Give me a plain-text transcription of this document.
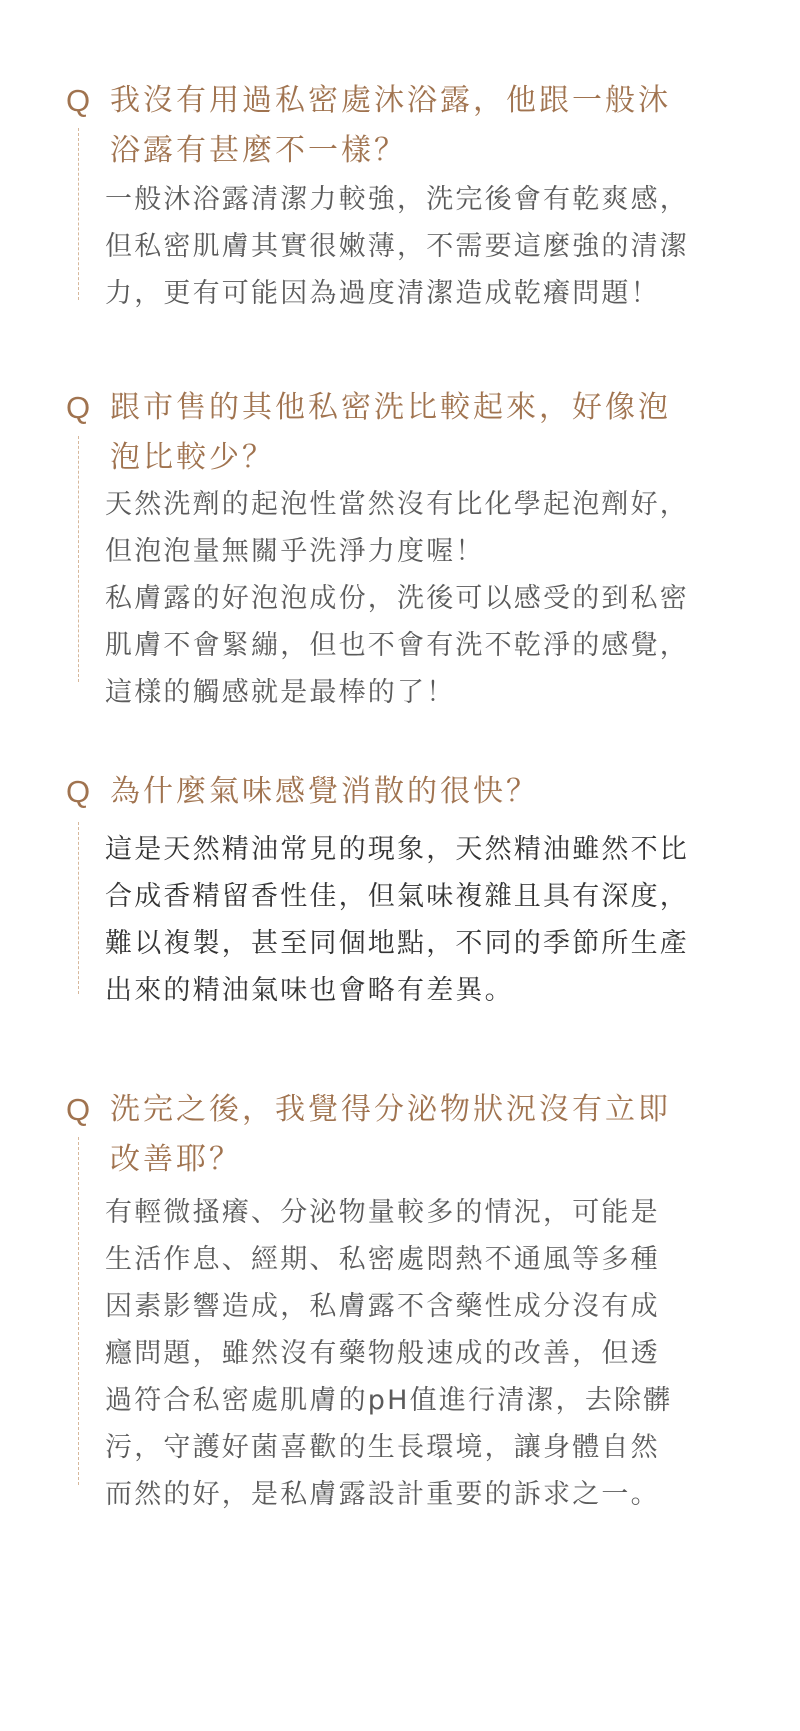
Q 我沒有用過私密處沐浴露，他跟一般沐
浴露有甚麼不一樣？
一般沐浴露清潔力較強，洗完後會有乾爽感，
但私密肌膚其實很嫩薄，不需要這麼強的清潔
力，更有可能因為過度清潔造成乾癢問題！
Q 跟市售的其他私密洗比較起來，好像泡
泡比較少？
天然洗劑的起泡性當然沒有比化學起泡劑好，
但泡泡量無關乎洗淨力度喔！
私膚露的好泡泡成份，洗後可以感受的到私密
肌膚不會緊繃，但也不會有洗不乾淨的感覺，
這樣的觸感就是最棒的了！
Q 為什麼氣味感覺消散的很快？
這是天然精油常見的現象，天然精油雖然不比
合成香精留香性佳，但氣味複雜且具有深度，
難以複製，甚至同個地點，不同的季節所生產
出來的精油氣味也會略有差異。
Q 洗完之後，我覺得分泌物狀況沒有立即
改善耶？
有輕微搔癢、分泌物量較多的情況，可能是
生活作息、經期、私密處悶熱不通風等多種
因素影響造成，私膚露不含藥性成分沒有成
癮問題，雖然沒有藥物般速成的改善，但透
過符合私密處肌膚的pH值進行清潔，去除髒
污，守護好菌喜歡的生長環境，讓身體自然
而然的好，是私膚露設計重要的訴求之一。
